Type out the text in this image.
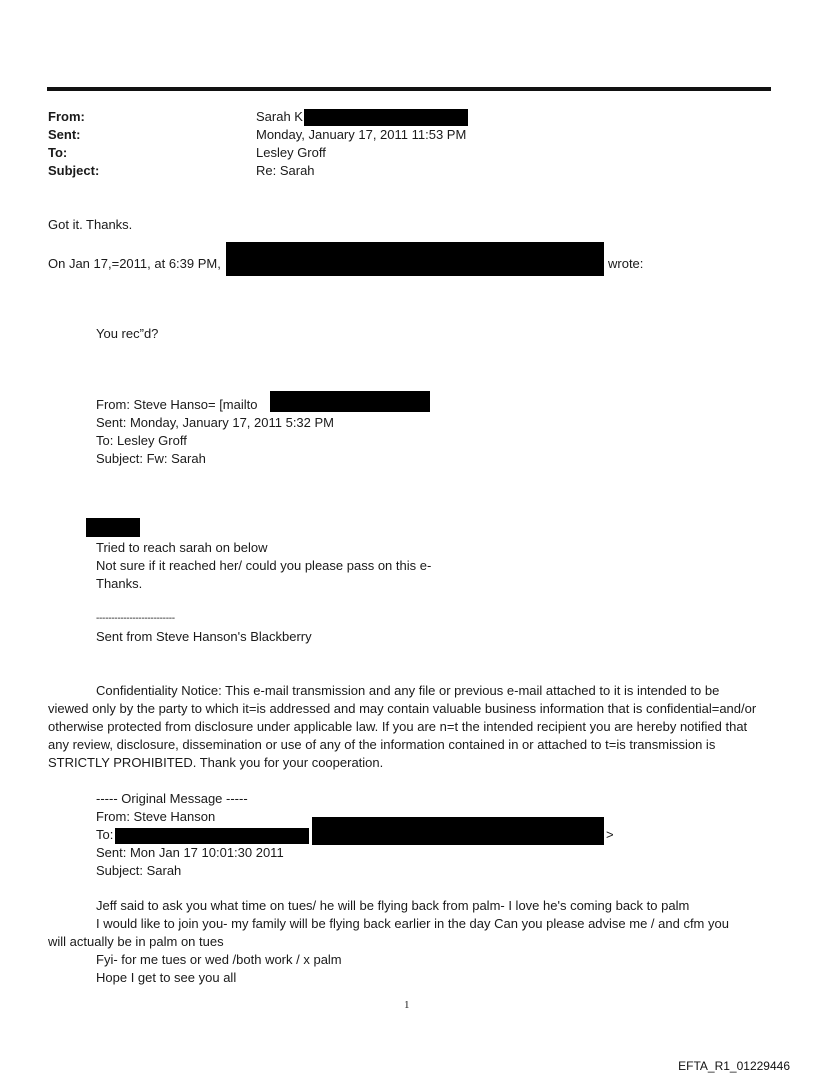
From:	Sarah K
Sent:	Monday, January 17, 2011 11:53 PM
To:	Lesley Groff
Subject:	Re: Sarah
Got it. Thanks.
On Jan 17,=2011, at 6:39 PM,	wrote:
You rec”d?
From: Steve Hanso= [mailto
Sent: Monday, January 17, 2011 5:32 PM
To: Lesley Groff
Subject: Fw: Sarah
Tried to reach sarah on below
Not sure if it reached her/ could you please pass on this e-
Thanks.
--------------------------
Sent from Steve Hanson's Blackberry
Confidentiality Notice: This e-mail transmission and any file or previous e-mail attached to it is intended to be
viewed only by the party to which it=is addressed and may contain valuable business information that is confidential=and/or otherwise protected from disclosure under applicable law. If you are n=t the intended recipient you are hereby notified that any review, disclosure, dissemination or use of any of the information contained in or attached to t=is transmission is STRICTLY PROHIBITED. Thank you for your cooperation.
----- Original Message -----
From: Steve Hanson
To:	>
Sent: Mon Jan 17 10:01:30 2011
Subject: Sarah
Jeff said to ask you what time on tues/ he will be flying back from palm- I love he's coming back to palm
I would like to join you- my family will be flying back earlier in the day Can you please advise me / and cfm you
will actually be in palm on tues
Fyi- for me tues or wed /both work / x palm
Hope I get to see you all
1
EFTA_R1_01229446
